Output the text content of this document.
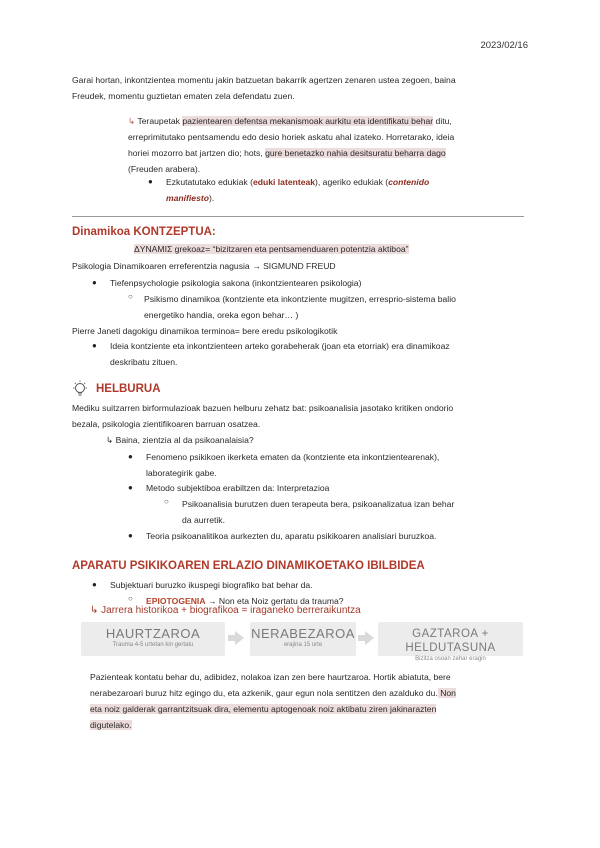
2023/02/16
Garai hortan, inkontzientea momentu jakin batzuetan bakarrik agertzen zenaren ustea zegoen, baina
Freudek, momentu guztietan ematen zela defendatu zuen.
↳ Teraupetak pazientearen defentsa mekanismoak aurkitu eta identifikatu behar ditu,
erreprimitutako pentsamendu edo desio horiek askatu ahal izateko. Horretarako, ideia
horiei mozorro bat jartzen dio; hots, gure benetazko nahia desitsuratu beharra dago
(Freuden arabera).
● Ezkutatutako edukiak (eduki latenteak), ageriko edukiak (contenido
manifiesto).
Dinamikoa KONTZEPTUA:
ΔYNAMIΣ grekoaz= “bizitzaren eta pentsamenduaren potentzia aktiboa”
Psikologia Dinamikoaren erreferentzia nagusia → SIGMUND FREUD
● Tiefenpsychologie psikologia sakona (inkontzientearen psikologia)
○ Psikismo dinamikoa (kontziente eta inkontziente mugitzen, erresprio-sistema balio
energetiko handia, oreka egon behar… )
Pierre Janeti dagokigu dinamikoa terminoa= bere eredu psikologikotik
● Ideia kontziente eta inkontzienteen arteko gorabeherak (joan eta etorriak) era dinamikoaz
deskribatu zituen.
HELBURUA
Mediku suitzarren birformulazioak bazuen helburu zehatz bat: psikoanalisia jasotako kritiken ondorio
bezala, psikologia zientifikoaren barruan osatzea.
↳ Baina, zientzia al da psikoanalaisia?
● Fenomeno psikikoen ikerketa ematen da (kontziente eta inkontzientearenak),
laborategirik gabe.
● Metodo subjektiboa erabiltzen da: Interpretazioa
○ Psikoanalisia burutzen duen terapeuta bera, psikoanalizatua izan behar
da aurretik.
● Teoria psikoanalitikoa aurkezten du, aparatu psikikoaren analisiari buruzkoa.
APARATU PSIKIKOAREN ERLAZIO DINAMIKOETAKO IBILBIDEA
● Subjektuari buruzko ikuspegi biografiko bat behar da.
○ EPIOTOGENIA → Non eta Noiz gertatu da trauma?
↳ Jarrera historikoa + biografikoa = iraganeko berreraikuntza
HAURTZAROA
Trauma 4-5 urtetan kin gertatu
NERABEZAROA
erajina 15 urte
GAZTAROA + HELDUTASUNA
Bizitza osoan zehar eragin
Pazienteak kontatu behar du, adibidez, nolakoa izan zen bere haurtzaroa. Hortik abiatuta, bere
nerabezaroari buruz hitz egingo du, eta azkenik, gaur egun nola sentitzen den azalduko du. Non
eta noiz galderak garrantzitsuak dira, elementu aptogenoak noiz aktibatu ziren jakinarazten
digutelako.
